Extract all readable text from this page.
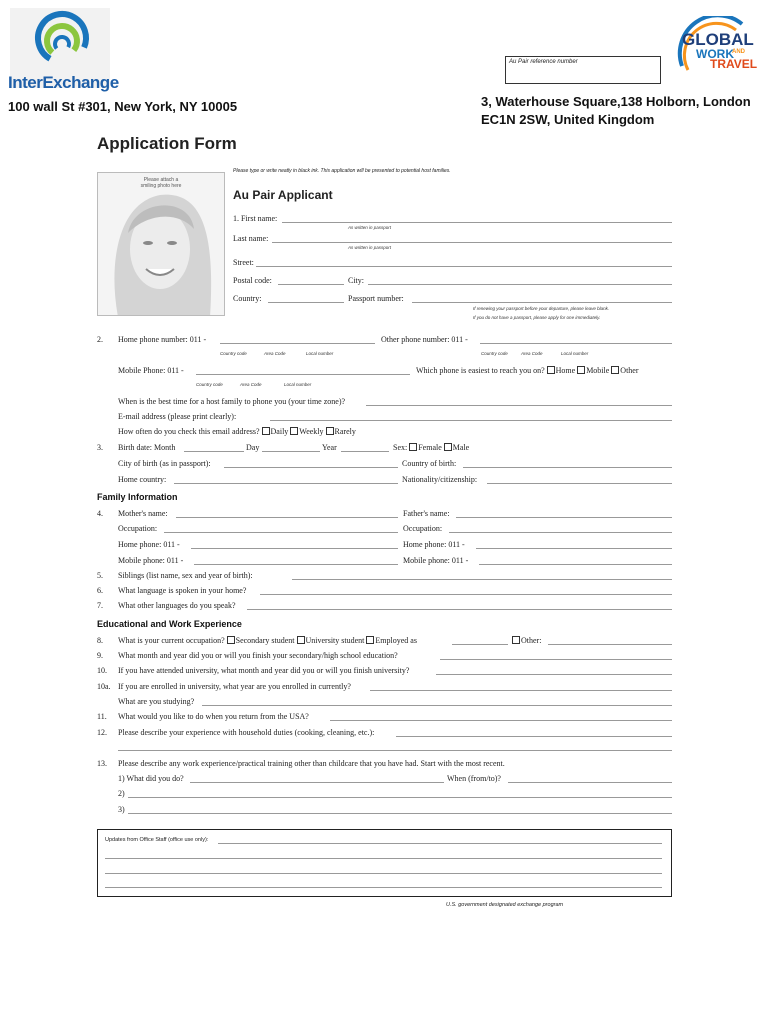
InterExchange
100 wall St #301, New York, NY 10005	3, Waterhouse Square,138 Holborn, London
EC1N 2SW, United Kingdom
Au Pair reference number
GLOBAL
WORK
AND
TRAVEL
Application Form
Please type or write neatly in black ink. This application will be presented to potential host families.
Please attach a
smiling photo here
Au Pair Applicant
1. First name:
As written in passport
Last name:
As written in passport
Street:
Postal code:	City:
Country:	Passport number:
If renewing your passport before your departure, please leave blank.
If you do not have a passport, please apply for one immediately.
2. Home phone number: 011 -
Country code	Area Code	Local number
Other phone number: 011 -
Country code	Area Code	Local number
Mobile Phone: 011 -
Country code	Area Code	Local number
Which phone is easiest to reach you on? Home Mobile Other
When is the best time for a host family to phone you (your time zone)?
E-mail address (please print clearly):
How often do you check this email address? Daily Weekly Rarely
3. Birth date: Month	Day	Year	Sex: Female Male
City of birth (as in passport):	Country of birth:
Home country:	Nationality/citizenship:
Family Information
4. Mother's name:	Father's name:
Occupation:	Occupation:
Home phone: 011 -	Home phone: 011 -
Mobile phone: 011 -	Mobile phone: 011 -
5. Siblings (list name, sex and year of birth):
6. What language is spoken in your home?
7. What other languages do you speak?
Educational and Work Experience
8. What is your current occupation? Secondary student University student Employed as	Other:
9. What month and year did you or will you finish your secondary/high school education?
10. If you have attended university, what month and year did you or will you finish university?
10a. If you are enrolled in university, what year are you enrolled in currently?
What are you studying?
11. What would you like to do when you return from the USA?
12. Please describe your experience with household duties (cooking, cleaning, etc.):
13. Please describe any work experience/practical training other than childcare that you have had. Start with the most recent.
1) What did you do?	When (from/to)?
2)
3)
Updates from Office Staff (office use only):
U.S. government designated exchange program
